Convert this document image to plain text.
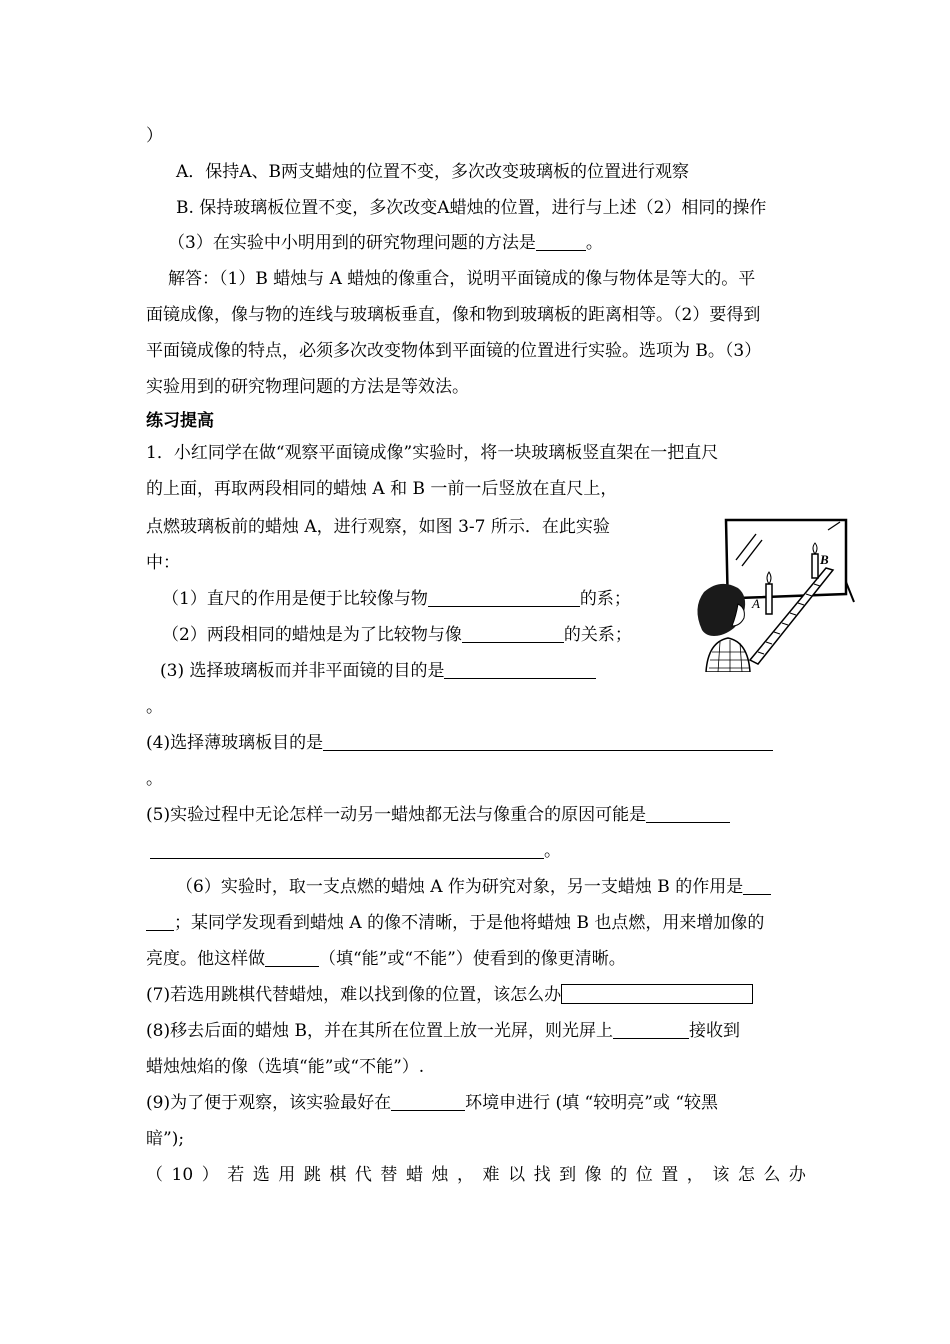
）
A．保持A、B两支蜡烛的位置不变，多次改变玻璃板的位置进行观察
B. 保持玻璃板位置不变，多次改变A蜡烛的位置，进行与上述（2）相同的操作
（3）在实验中小明用到的研究物理问题的方法是	。
解答：（1）B 蜡烛与 A 蜡烛的像重合，说明平面镜成的像与物体是等大的。平
面镜成像，像与物的连线与玻璃板垂直，像和物到玻璃板的距离相等。（2）要得到
平面镜成像的特点，必须多次改变物体到平面镜的位置进行实验。选项为 B。（3）
实验用到的研究物理问题的方法是等效法。
练习提高
1．小红同学在做“观察平面镜成像”实验时，将一块玻璃板竖直架在一把直尺
的上面，再取两段相同的蜡烛 A 和 B 一前一后竖放在直尺上，
点燃玻璃板前的蜡烛 A，进行观察，如图 3-7 所示．在此实验
中：
（1）直尺的作用是便于比较像与物	的系；
（2）两段相同的蜡烛是为了比较物与像	的关系；
(3) 选择玻璃板而并非平面镜的目的是
。
(4)选择薄玻璃板目的是
。
(5)实验过程中无论怎样一动另一蜡烛都无法与像重合的原因可能是
。
（6）实验时，取一支点燃的蜡烛 A 作为研究对象，另一支蜡烛 B 的作用是
；某同学发现看到蜡烛 A 的像不清晰，于是他将蜡烛 B 也点燃，用来增加像的
亮度。他这样做	（填“能”或“不能”）使看到的像更清晰。
(7)若选用跳棋代替蜡烛，难以找到像的位置，该怎么办
(8)移去后面的蜡烛 B，并在其所在位置上放一光屏，则光屏上	接收到
蜡烛烛焰的像（选填“能”或“不能”）.
(9)为了便于观察，该实验最好在	环境申进行 (填 “较明亮”或 “较黑
暗”);
（ 10 ） 若 选 用 跳 棋 代 替 蜡 烛 ， 难 以 找 到 像 的 位 置 ， 该 怎 么 办
A
B
